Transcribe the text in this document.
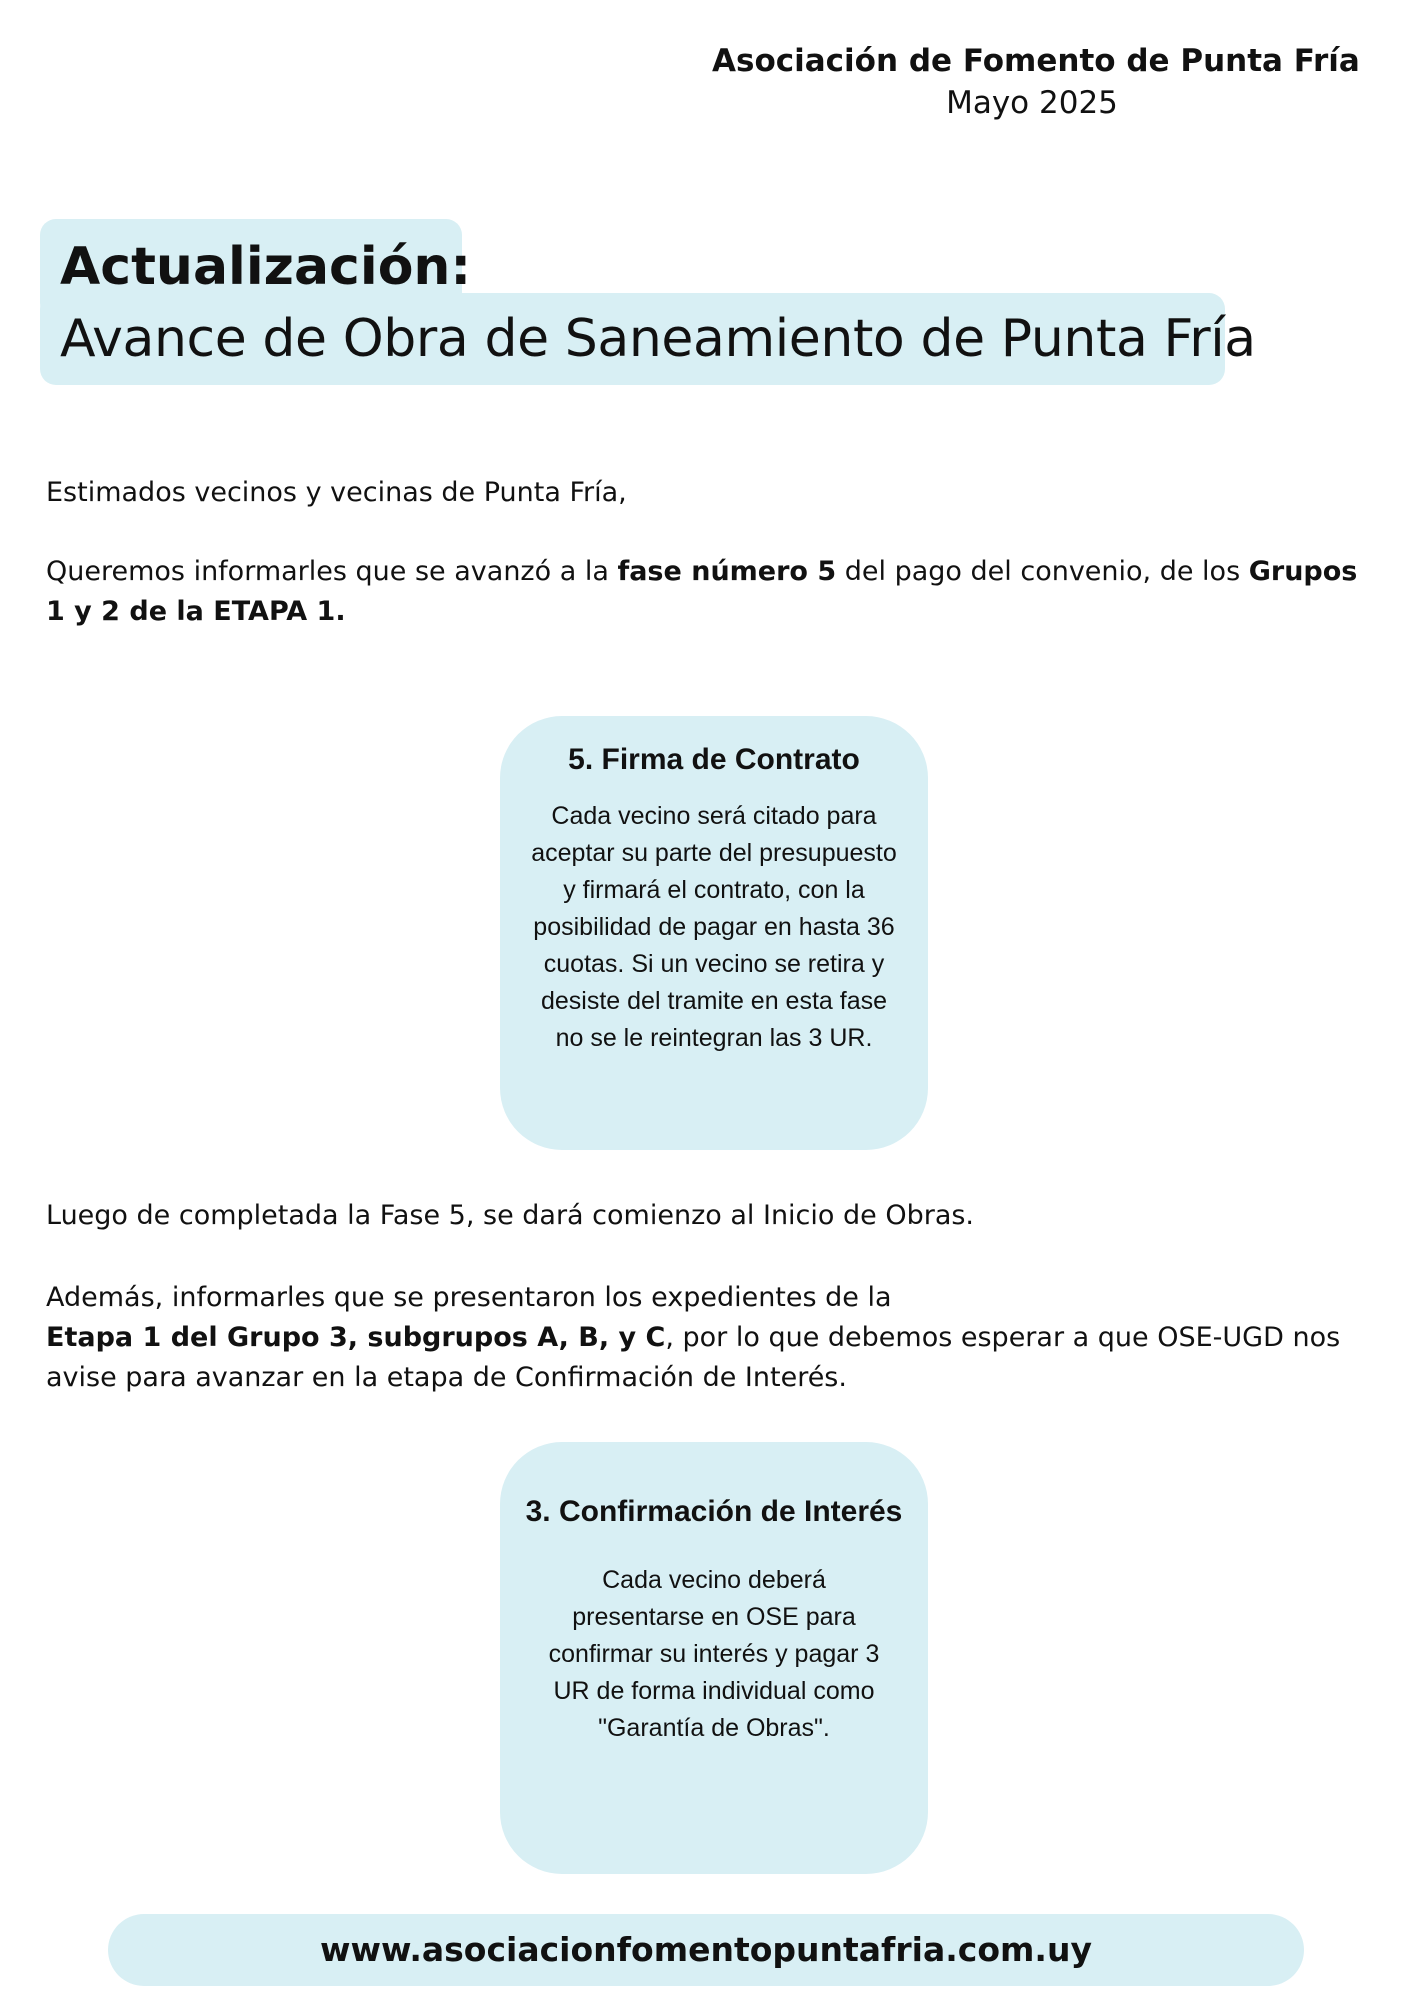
Asociación de Fomento de Punta Fría
Mayo 2025
Actualización:
Avance de Obra de Saneamiento de Punta Fría

Estimados vecinos y vecinas de Punta Fría,

Queremos informarles que se avanzó a la fase número 5 del pago del convenio, de los Grupos 1 y 2 de la ETAPA 1.

5. Firma de Contrato

Cada vecino será citado para aceptar su parte del presupuesto y firmará el contrato, con la posibilidad de pagar en hasta 36 cuotas. Si un vecino se retira y desiste del tramite en esta fase no se le reintegran las 3 UR.

Luego de completada la Fase 5, se dará comienzo al Inicio de Obras.

Además, informarles que se presentaron los expedientes de la
Etapa 1 del Grupo 3, subgrupos A, B, y C, por lo que debemos esperar a que OSE-UGD nos avise para avanzar en la etapa de Confirmación de Interés.

3. Confirmación de Interés

Cada vecino deberá presentarse en OSE para confirmar su interés y pagar 3 UR de forma individual como "Garantía de Obras".

www.asociacionfomentopuntafria.com.uy
